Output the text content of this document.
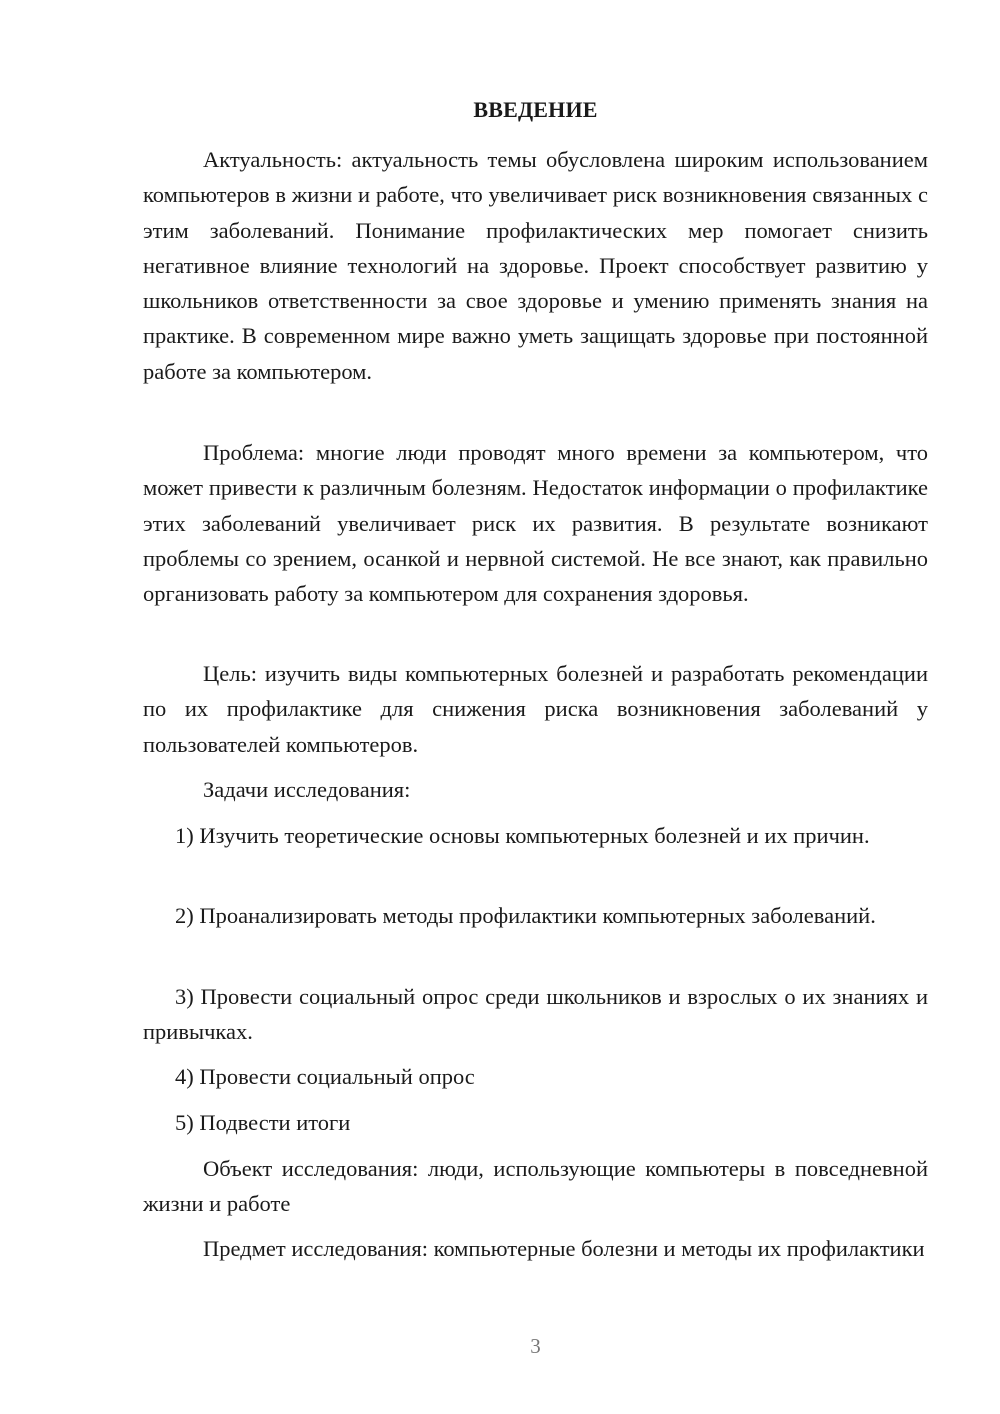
ВВЕДЕНИЕ

Актуальность: актуальность темы обусловлена широким использованием компьютеров в жизни и работе, что увеличивает риск возникновения связанных с этим заболеваний. Понимание профилактических мер помогает снизить негативное влияние технологий на здоровье. Проект способствует развитию у школьников ответственности за свое здоровье и умению применять знания на практике. В современном мире важно уметь защищать здоровье при постоянной работе за компьютером.

Проблема: многие люди проводят много времени за компьютером, что может привести к различным болезням. Недостаток информации о профилактике этих заболеваний увеличивает риск их развития. В результате возникают проблемы со зрением, осанкой и нервной системой. Не все знают, как правильно организовать работу за компьютером для сохранения здоровья.

Цель: изучить виды компьютерных болезней и разработать рекомендации по их профилактике для снижения риска возникновения заболеваний у пользователей компьютеров.

Задачи исследования:

1) Изучить теоретические основы компьютерных болезней и их причин.

2) Проанализировать методы профилактики компьютерных заболеваний.

3) Провести социальный опрос среди школьников и взрослых о их знаниях и привычках.

4) Провести социальный опрос

5) Подвести итоги

Объект исследования: люди, использующие компьютеры в повседневной жизни и работе

Предмет исследования: компьютерные болезни и методы их профилактики

3
